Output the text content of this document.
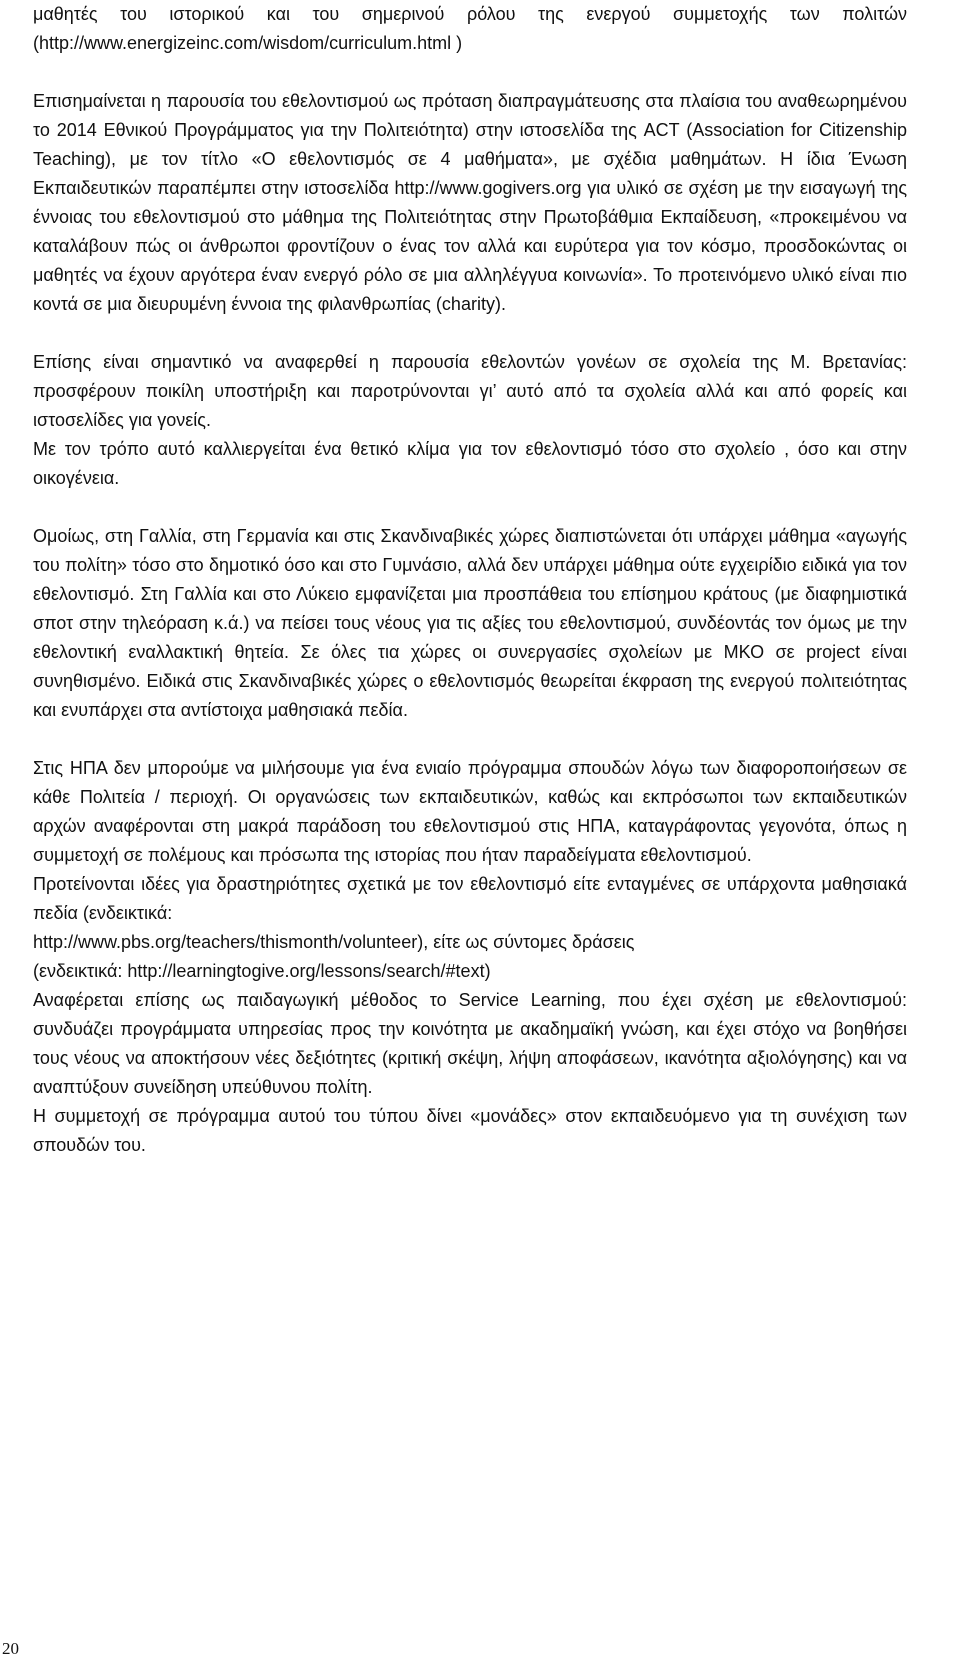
μαθητές του ιστορικού και του σημερινού ρόλου της ενεργού συμμετοχής των πολιτών (http://www.energizeinc.com/wisdom/curriculum.html )

Επισημαίνεται η παρουσία του εθελοντισμού ως πρόταση διαπραγμάτευσης στα πλαίσια του αναθεωρημένου το 2014 Εθνικού Προγράμματος για την Πολιτειότητα) στην ιστοσελίδα της ACT (Association for Citizenship Teaching), με τον τίτλο «Ο εθελοντισμός σε 4 μαθήματα», με σχέδια μαθημάτων. Η ίδια Ένωση Εκπαιδευτικών παραπέμπει στην ιστοσελίδα http://www.gogivers.org για υλικό σε σχέση με την εισαγωγή της έννοιας του εθελοντισμού στο μάθημα της Πολιτειότητας στην Πρωτοβάθμια Εκπαίδευση, «προκειμένου να καταλάβουν πώς οι άνθρωποι φροντίζουν ο ένας τον αλλά και ευρύτερα για τον κόσμο, προσδοκώντας οι μαθητές να έχουν αργότερα έναν ενεργό ρόλο σε μια αλληλέγγυα κοινωνία». Το προτεινόμενο υλικό είναι πιο κοντά σε μια διευρυμένη έννοια της φιλανθρωπίας (charity).

Επίσης είναι σημαντικό να αναφερθεί η παρουσία εθελοντών γονέων σε σχολεία της Μ. Βρετανίας: προσφέρουν ποικίλη υποστήριξη και παροτρύνονται γι’ αυτό από τα σχολεία αλλά και από φορείς και ιστοσελίδες για γονείς.

Με τον τρόπο αυτό καλλιεργείται ένα θετικό κλίμα για τον εθελοντισμό τόσο στο σχολείο , όσο και στην οικογένεια.

Ομοίως, στη Γαλλία, στη Γερμανία και στις Σκανδιναβικές χώρες διαπιστώνεται ότι υπάρχει μάθημα «αγωγής του πολίτη» τόσο στο δημοτικό όσο και στο Γυμνάσιο, αλλά δεν υπάρχει μάθημα ούτε εγχειρίδιο ειδικά για τον εθελοντισμό. Στη Γαλλία και στο Λύκειο εμφανίζεται μια προσπάθεια του επίσημου κράτους (με διαφημιστικά σποτ στην τηλεόραση κ.ά.) να πείσει τους νέους για τις αξίες του εθελοντισμού, συνδέοντάς τον όμως με την εθελοντική εναλλακτική θητεία. Σε όλες τια χώρες οι συνεργασίες σχολείων με ΜΚΟ σε project είναι συνηθισμένο. Ειδικά στις Σκανδιναβικές χώρες ο εθελοντισμός θεωρείται έκφραση της ενεργού πολιτειότητας και ενυπάρχει στα αντίστοιχα μαθησιακά πεδία.

Στις ΗΠΑ δεν μπορούμε να μιλήσουμε για ένα ενιαίο πρόγραμμα σπουδών λόγω των διαφοροποιήσεων σε κάθε Πολιτεία / περιοχή. Οι οργανώσεις των εκπαιδευτικών, καθώς και εκπρόσωποι των εκπαιδευτικών αρχών αναφέρονται στη μακρά παράδοση του εθελοντισμού στις ΗΠΑ, καταγράφοντας γεγονότα, όπως η συμμετοχή σε πολέμους και πρόσωπα της ιστορίας που ήταν παραδείγματα εθελοντισμού.

Προτείνονται ιδέες για δραστηριότητες σχετικά με τον εθελοντισμό είτε ενταγμένες σε υπάρχοντα μαθησιακά πεδία (ενδεικτικά:

http://www.pbs.org/teachers/thismonth/volunteer), είτε ως σύντομες δράσεις

(ενδεικτικά: http://learningtogive.org/lessons/search/#text)

Αναφέρεται επίσης ως παιδαγωγική μέθοδος το Service Learning, που έχει σχέση με εθελοντισμού: συνδυάζει προγράμματα υπηρεσίας προς την κοινότητα με ακαδημαϊκή γνώση, και έχει στόχο να βοηθήσει τους νέους να αποκτήσουν νέες δεξιότητες (κριτική σκέψη, λήψη αποφάσεων, ικανότητα αξιολόγησης) και να αναπτύξουν συνείδηση υπεύθυνου πολίτη.

Η συμμετοχή σε πρόγραμμα αυτού του τύπου δίνει «μονάδες» στον εκπαιδευόμενο για τη συνέχιση των σπουδών του.

20
